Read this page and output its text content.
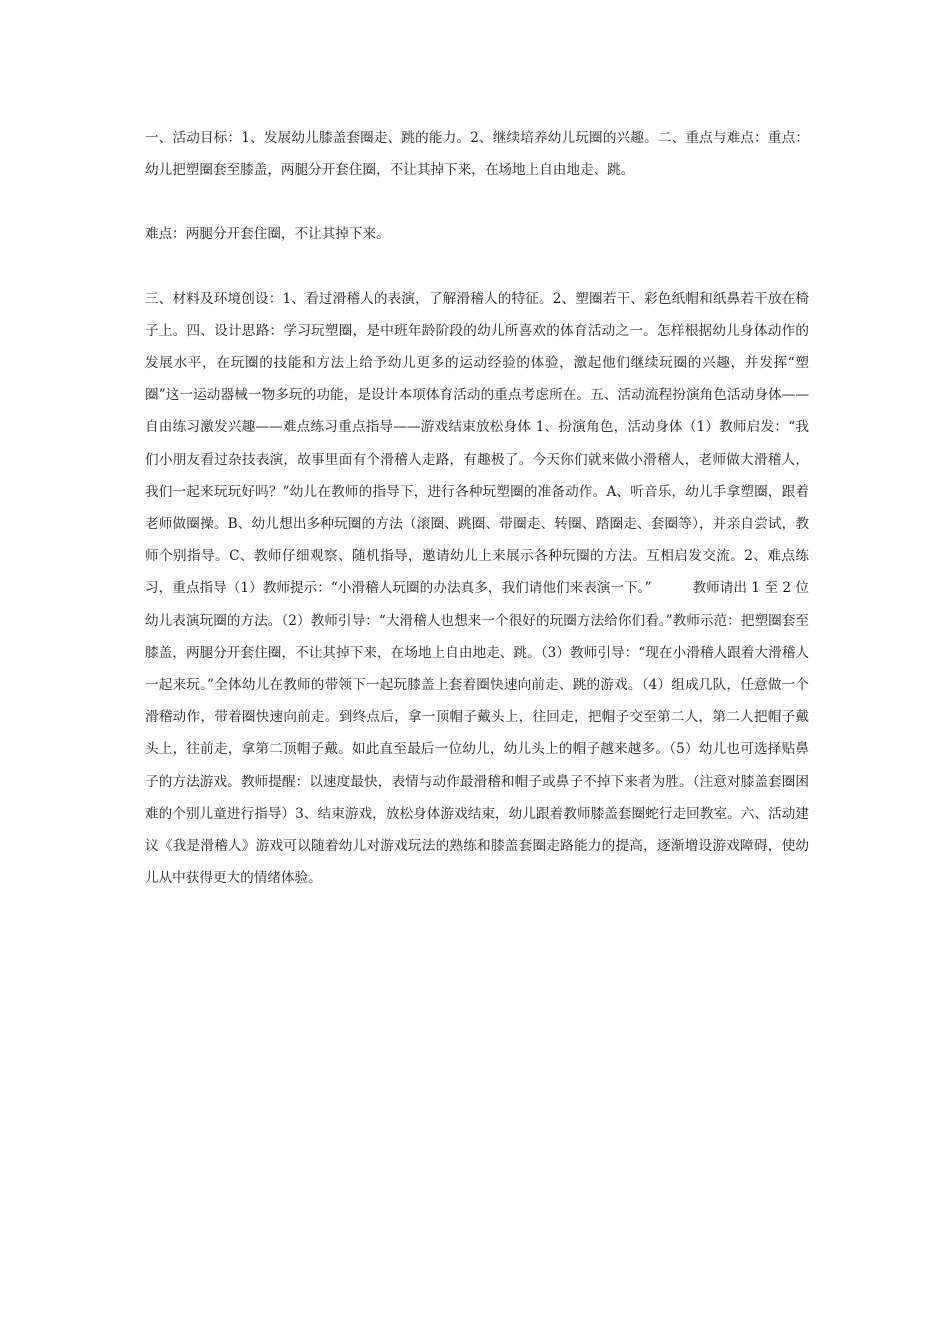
一、活动目标：1、发展幼儿膝盖套圈走、跳的能力。2、继续培养幼儿玩圈的兴趣。二、重点与难点：重点：幼儿把塑圈套至膝盖，两腿分开套住圈，不让其掉下来，在场地上自由地走、跳。

难点：两腿分开套住圈，不让其掉下来。

三、材料及环境创设：1、看过滑稽人的表演，了解滑稽人的特征。2、塑圈若干、彩色纸帽和纸鼻若干放在椅子上。四、设计思路：学习玩塑圈，是中班年龄阶段的幼儿所喜欢的体育活动之一。怎样根据幼儿身体动作的发展水平，在玩圈的技能和方法上给予幼儿更多的运动经验的体验，激起他们继续玩圈的兴趣，并发挥“塑圈”这一运动器械一物多玩的功能，是设计本项体育活动的重点考虑所在。五、活动流程扮演角色活动身体——自由练习激发兴趣——难点练习重点指导——游戏结束放松身体 1、扮演角色，活动身体（1）教师启发：“我们小朋友看过杂技表演，故事里面有个滑稽人走路，有趣极了。今天你们就来做小滑稽人，老师做大滑稽人，我们一起来玩玩好吗？”幼儿在教师的指导下，进行各种玩塑圈的准备动作。A、听音乐，幼儿手拿塑圈，跟着老师做圈操。B、幼儿想出多种玩圈的方法（滚圈、跳圈、带圈走、转圈、踏圈走、套圈等），并亲自尝试，教师个别指导。C、教师仔细观察、随机指导，邀请幼儿上来展示各种玩圈的方法。互相启发交流。2、难点练习，重点指导（1）教师提示：“小滑稽人玩圈的办法真多，我们请他们来表演一下。”　　　教师请出 1 至 2 位幼儿表演玩圈的方法。（2）教师引导：“大滑稽人也想来一个很好的玩圈方法给你们看。”教师示范：把塑圈套至膝盖，两腿分开套住圈，不让其掉下来，在场地上自由地走、跳。（3）教师引导：“现在小滑稽人跟着大滑稽人一起来玩。”全体幼儿在教师的带领下一起玩膝盖上套着圈快速向前走、跳的游戏。（4）组成几队，任意做一个滑稽动作，带着圈快速向前走。到终点后，拿一顶帽子戴头上，往回走，把帽子交至第二人，第二人把帽子戴头上，往前走，拿第二顶帽子戴。如此直至最后一位幼儿，幼儿头上的帽子越来越多。（5）幼儿也可选择贴鼻子的方法游戏。教师提醒：以速度最快，表情与动作最滑稽和帽子或鼻子不掉下来者为胜。（注意对膝盖套圈困难的个别儿童进行指导）3、结束游戏，放松身体游戏结束，幼儿跟着教师膝盖套圈蛇行走回教室。六、活动建议《我是滑稽人》游戏可以随着幼儿对游戏玩法的熟练和膝盖套圈走路能力的提高，逐渐增设游戏障碍，使幼儿从中获得更大的情绪体验。
